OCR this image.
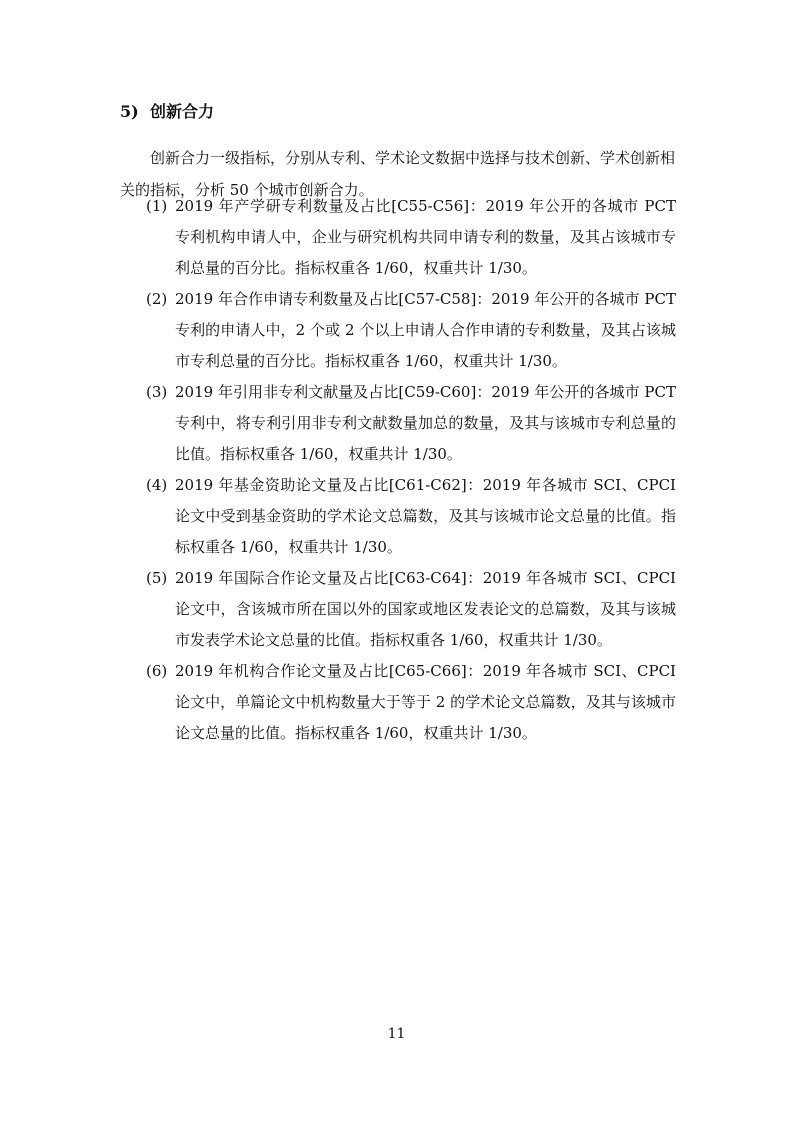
5) 创新合力

创新合力一级指标，分别从专利、学术论文数据中选择与技术创新、学术创新相关的指标，分析 50 个城市创新合力。

(1) 2019 年产学研专利数量及占比[C55-C56]：2019 年公开的各城市 PCT 专利机构申请人中，企业与研究机构共同申请专利的数量，及其占该城市专利总量的百分比。指标权重各 1/60，权重共计 1/30。
(2) 2019 年合作申请专利数量及占比[C57-C58]：2019 年公开的各城市 PCT 专利的申请人中，2 个或 2 个以上申请人合作申请的专利数量，及其占该城市专利总量的百分比。指标权重各 1/60，权重共计 1/30。
(3) 2019 年引用非专利文献量及占比[C59-C60]：2019 年公开的各城市 PCT 专利中，将专利引用非专利文献数量加总的数量，及其与该城市专利总量的比值。指标权重各 1/60，权重共计 1/30。
(4) 2019 年基金资助论文量及占比[C61-C62]：2019 年各城市 SCI、CPCI 论文中受到基金资助的学术论文总篇数，及其与该城市论文总量的比值。指标权重各 1/60，权重共计 1/30。
(5) 2019 年国际合作论文量及占比[C63-C64]：2019 年各城市 SCI、CPCI 论文中，含该城市所在国以外的国家或地区发表论文的总篇数，及其与该城市发表学术论文总量的比值。指标权重各 1/60，权重共计 1/30。
(6) 2019 年机构合作论文量及占比[C65-C66]：2019 年各城市 SCI、CPCI 论文中，单篇论文中机构数量大于等于 2 的学术论文总篇数，及其与该城市论文总量的比值。指标权重各 1/60，权重共计 1/30。
11
